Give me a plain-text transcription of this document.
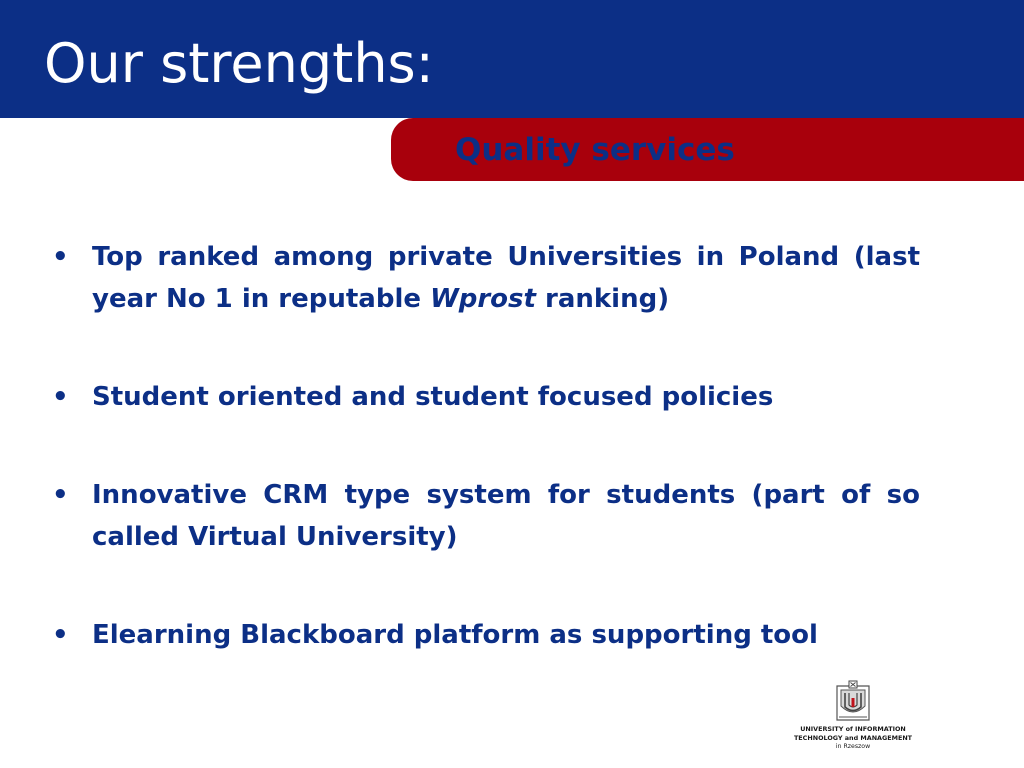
Our strengths:
Quality services
• Top ranked among private Universities in Poland (last year No 1 in reputable Wprost ranking)
• Student oriented and student focused policies
• Innovative CRM type system for students (part of so called Virtual University)
• Elearning Blackboard platform as supporting tool
UNIVERSITY of INFORMATION
TECHNOLOGY and MANAGEMENT
in Rzeszow
